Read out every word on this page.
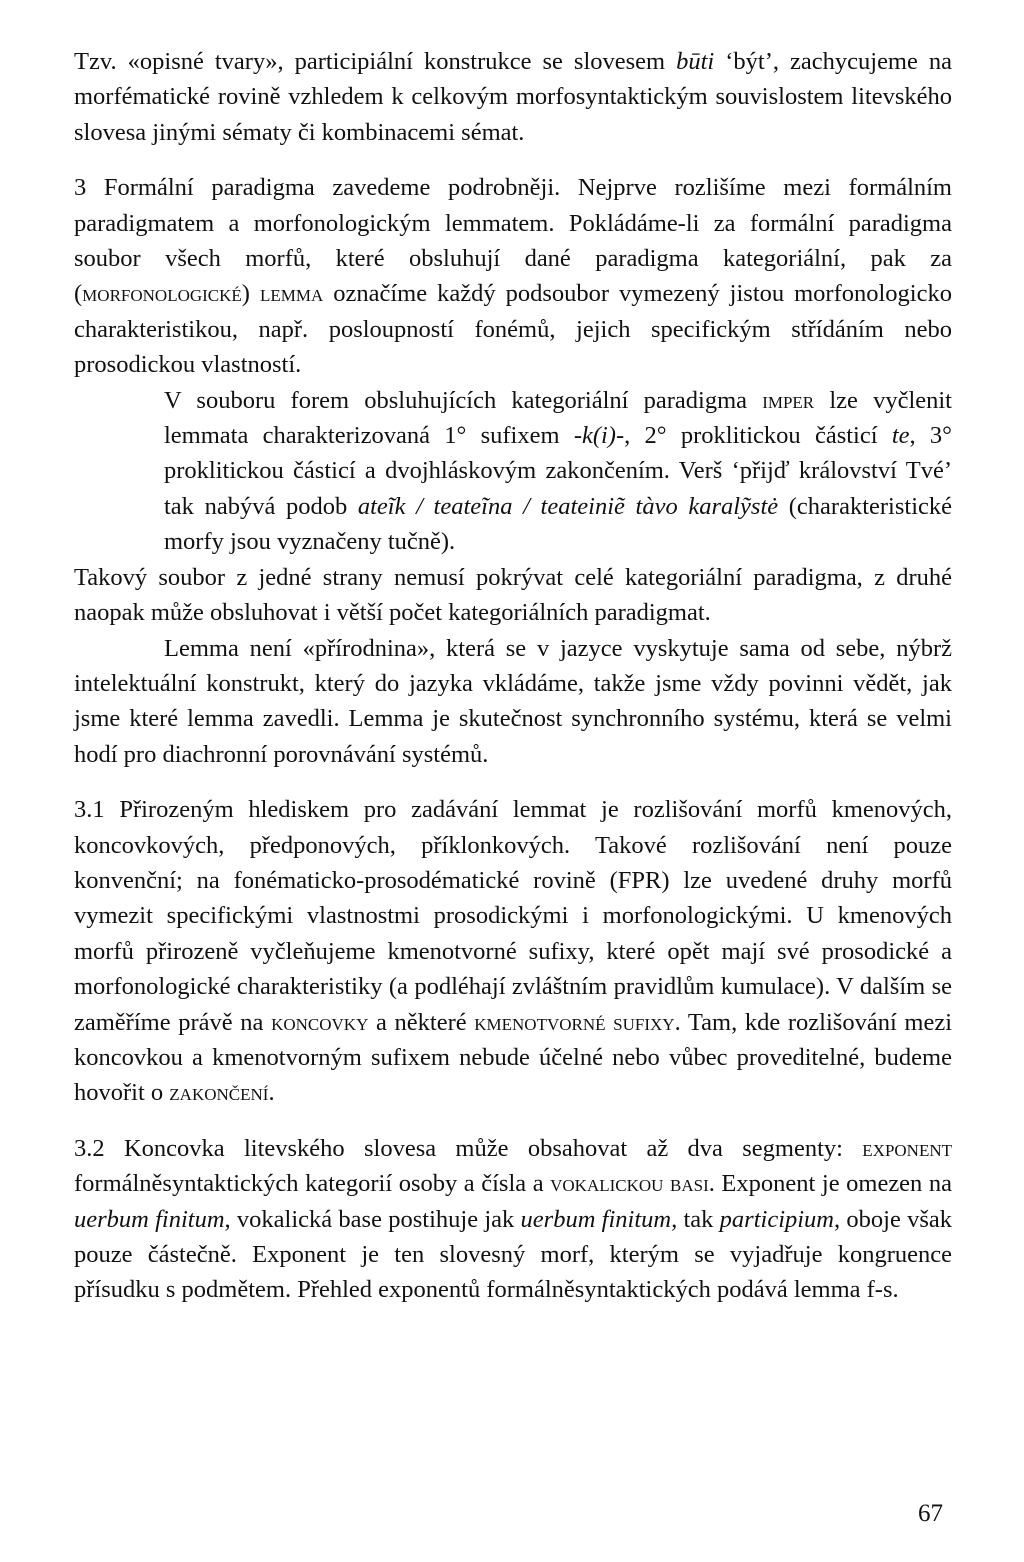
Tzv. «opisné tvary», participiální konstrukce se slovesem būti ‘být’, zachycujeme na morfématické rovině vzhledem k celkovým morfosyntaktickým souvislostem litevského slovesa jinými sématy či kombinacemi sémat.

3 Formální paradigma zavedeme podrobněji. Nejprve rozlišíme mezi formálním paradigmatem a morfonologickým lemmatem. Pokládáme-li za formální paradigma soubor všech morfů, které obsluhují dané paradigma kategoriální, pak za (morfonologické) lemma označíme každý podsoubor vymezený jistou morfonologicko charakteristikou, např. posloupností fonémů, jejich specifickým střídáním nebo prosodickou vlastností.

V souboru forem obsluhujících kategoriální paradigma imper lze vyčlenit lemmata charakterizovaná 1° sufixem -k(i)-, 2° proklitickou částicí te, 3° proklitickou částicí a dvojhláskovým zakončením. Verš ‘přijď království Tvé’ tak nabývá podob ateĩk / teateĩna / teateiniẽ tàvo karalỹstė (charakteristické morfy jsou vyznačeny tučně).

Takový soubor z jedné strany nemusí pokrývat celé kategoriální paradigma, z druhé naopak může obsluhovat i větší počet kategoriálních paradigmat.

Lemma není «přírodnina», která se v jazyce vyskytuje sama od sebe, nýbrž intelektuální konstrukt, který do jazyka vkládáme, takže jsme vždy povinni vědět, jak jsme které lemma zavedli. Lemma je skutečnost synchronního systému, která se velmi hodí pro diachronní porovnávání systémů.

3.1 Přirozeným hlediskem pro zadávání lemmat je rozlišování morfů kmenových, koncovkových, předponových, příklonkových. Takové rozlišování není pouze konvenční; na fonématicko-prosodématické rovině (FPR) lze uvedené druhy morfů vymezit specifickými vlastnostmi prosodickými i morfonologickými. U kmenových morfů přirozeně vyčleňujeme kmenotvorné sufixy, které opět mají své prosodické a morfonologické charakteristiky (a podléhají zvláštním pravidlům kumulace). V dalším se zaměříme právě na koncovky a některé kmenotvorné sufixy. Tam, kde rozlišování mezi koncovkou a kmenotvorným sufixem nebude účelné nebo vůbec proveditelné, budeme hovořit o zakončení.

3.2 Koncovka litevského slovesa může obsahovat až dva segmenty: exponent formálněsyntaktických kategorií osoby a čísla a vokalickou basi. Exponent je omezen na uerbum finitum, vokalická base postihuje jak uerbum finitum, tak participium, oboje však pouze částečně. Exponent je ten slovesný morf, kterým se vyjadřuje kongruence přísudku s podmětem. Přehled exponentů formálněsyntaktických podává lemma f-s.

67
